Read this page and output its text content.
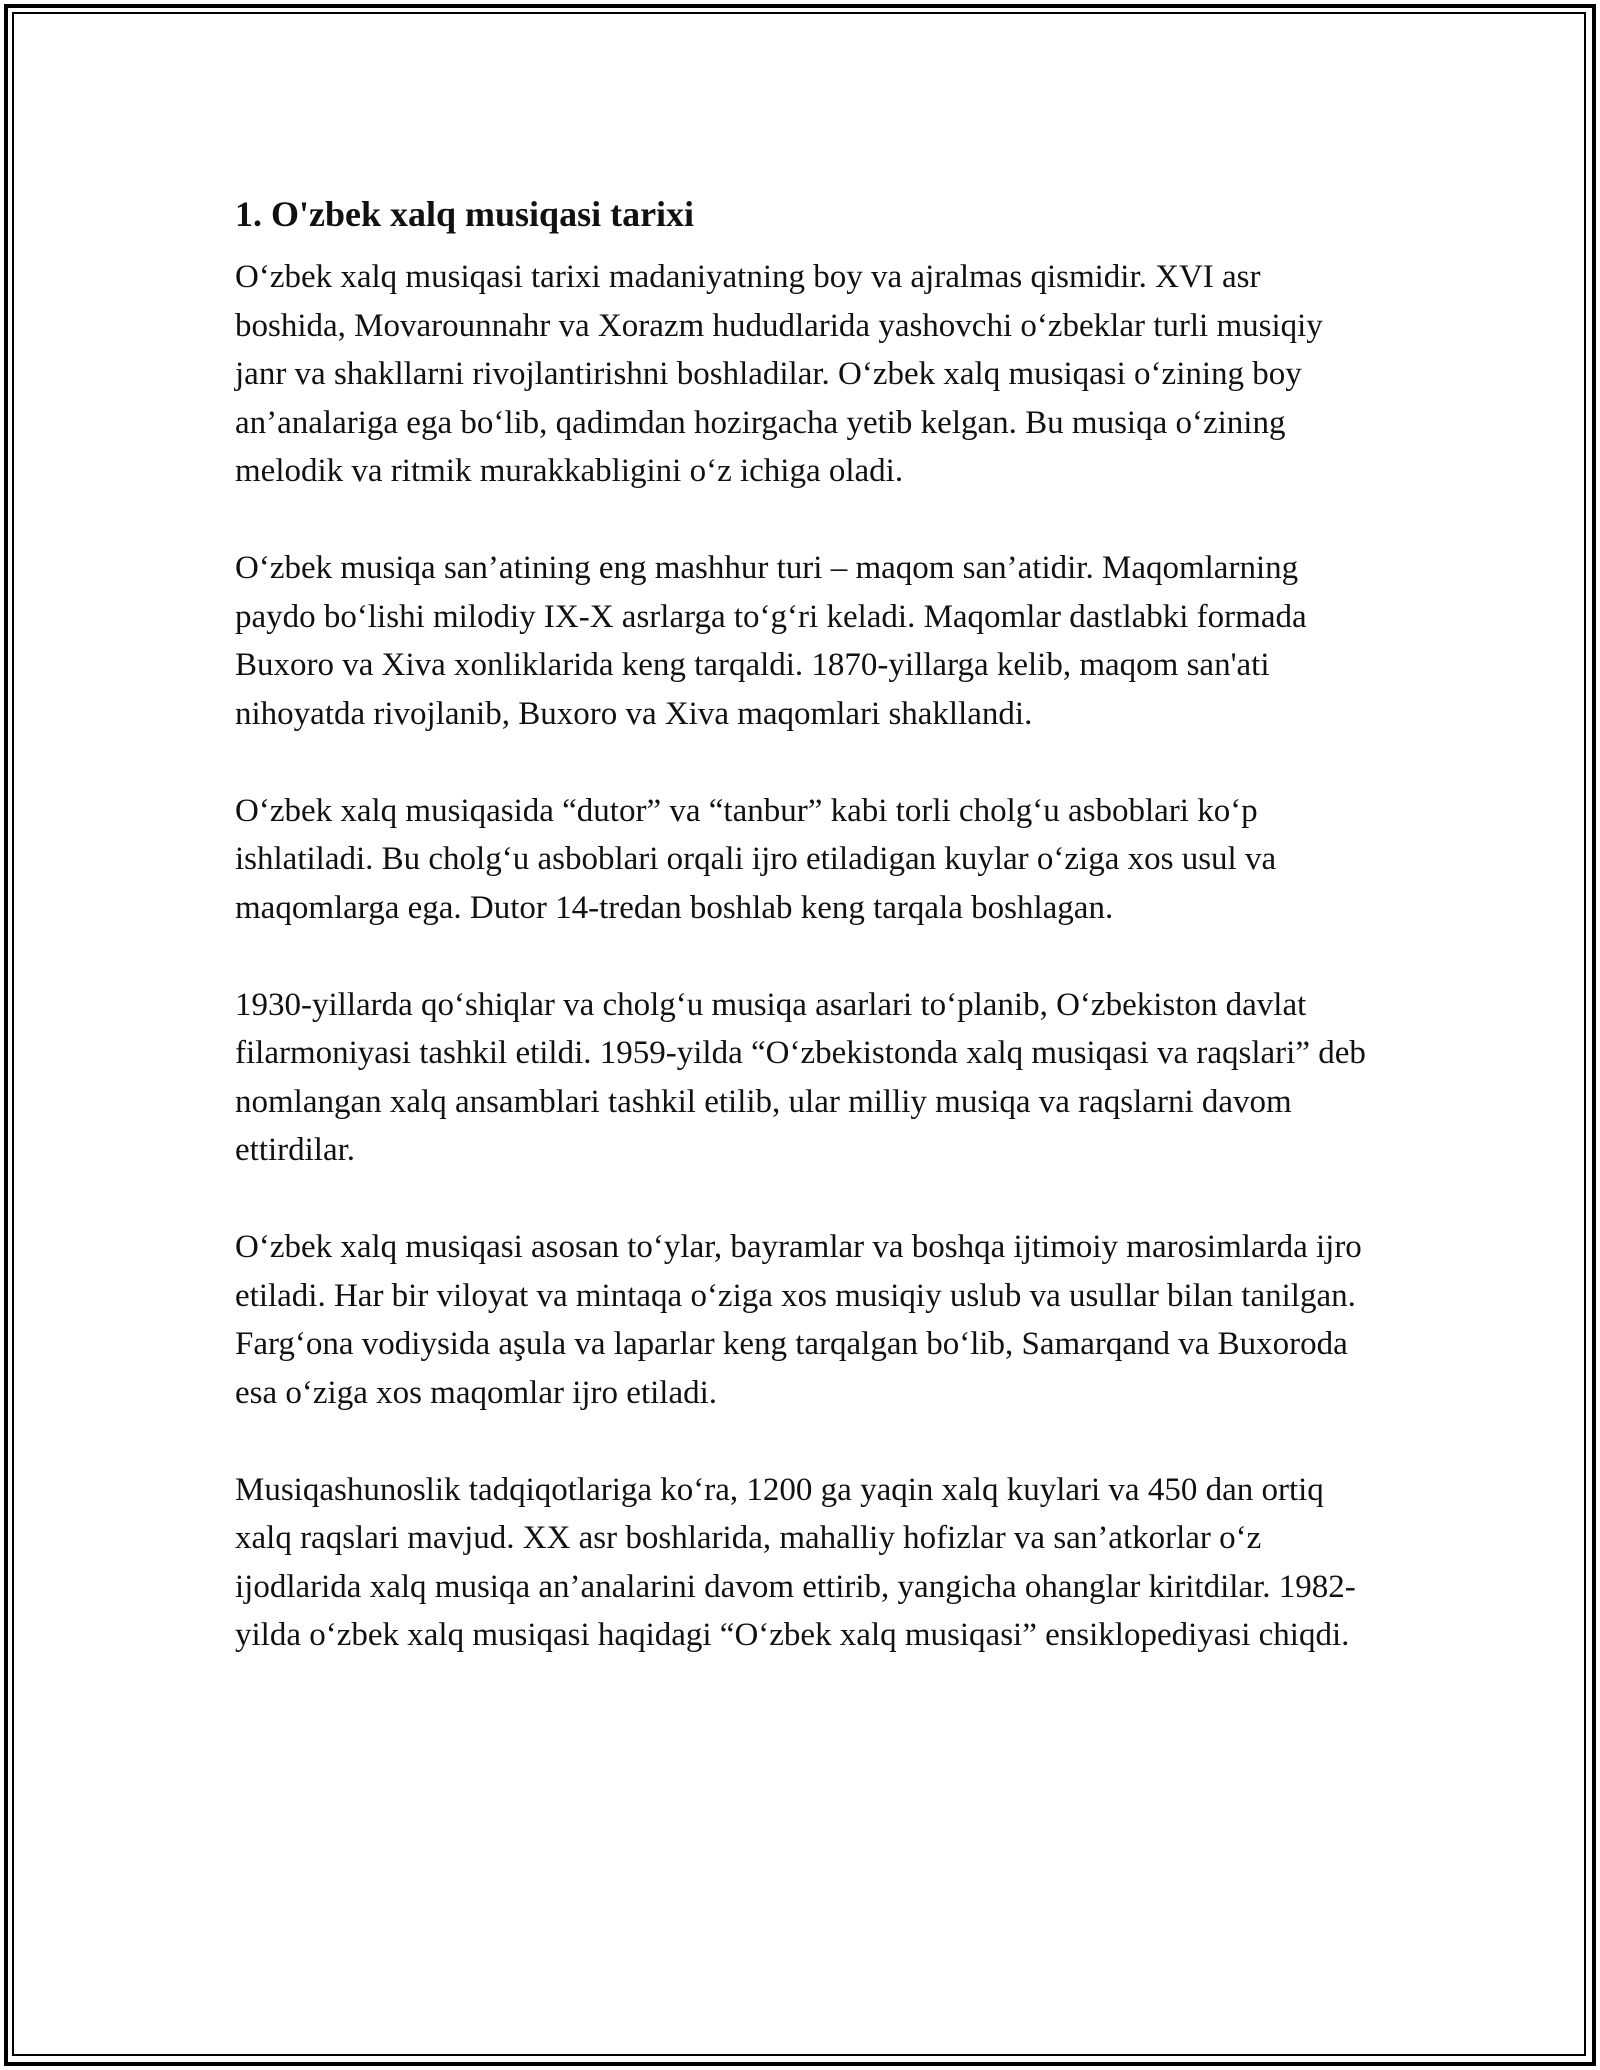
1. O'zbek xalq musiqasi tarixi

O‘zbek xalq musiqasi tarixi madaniyatning boy va ajralmas qismidir. XVI asr boshida, Movarounnahr va Xorazm hududlarida yashovchi o‘zbeklar turli musiqiy janr va shakllarni rivojlantirishni boshladilar. O‘zbek xalq musiqasi o‘zining boy an’analariga ega bo‘lib, qadimdan hozirgacha yetib kelgan. Bu musiqa o‘zining melodik va ritmik murakkabligini o‘z ichiga oladi.

O‘zbek musiqa san’atining eng mashhur turi – maqom san’atidir. Maqomlarning paydo bo‘lishi milodiy IX-X asrlarga to‘g‘ri keladi. Maqomlar dastlabki formada Buxoro va Xiva xonliklarida keng tarqaldi. 1870-yillarga kelib, maqom san'ati nihoyatda rivojlanib, Buxoro va Xiva maqomlari shakllandi.

O‘zbek xalq musiqasida “dutor” va “tanbur” kabi torli cholg‘u asboblari ko‘p ishlatiladi. Bu cholg‘u asboblari orqali ijro etiladigan kuylar o‘ziga xos usul va maqomlarga ega. Dutor 14-tredan boshlab keng tarqala boshlagan.

1930-yillarda qo‘shiqlar va cholg‘u musiqa asarlari to‘planib, O‘zbekiston davlat filarmoniyasi tashkil etildi. 1959-yilda “O‘zbekistonda xalq musiqasi va raqslari” deb nomlangan xalq ansamblari tashkil etilib, ular milliy musiqa va raqslarni davom ettirdilar.

O‘zbek xalq musiqasi asosan to‘ylar, bayramlar va boshqa ijtimoiy marosimlarda ijro etiladi. Har bir viloyat va mintaqa o‘ziga xos musiqiy uslub va usullar bilan tanilgan. Farg‘ona vodiysida aşula va laparlar keng tarqalgan bo‘lib, Samarqand va Buxoroda esa o‘ziga xos maqomlar ijro etiladi.

Musiqashunoslik tadqiqotlariga ko‘ra, 1200 ga yaqin xalq kuylari va 450 dan ortiq xalq raqslari mavjud. XX asr boshlarida, mahalliy hofizlar va san’atkorlar o‘z ijodlarida xalq musiqa an’analarini davom ettirib, yangicha ohanglar kiritdilar. 1982-yilda o‘zbek xalq musiqasi haqidagi “O‘zbek xalq musiqasi” ensiklopediyasi chiqdi.
